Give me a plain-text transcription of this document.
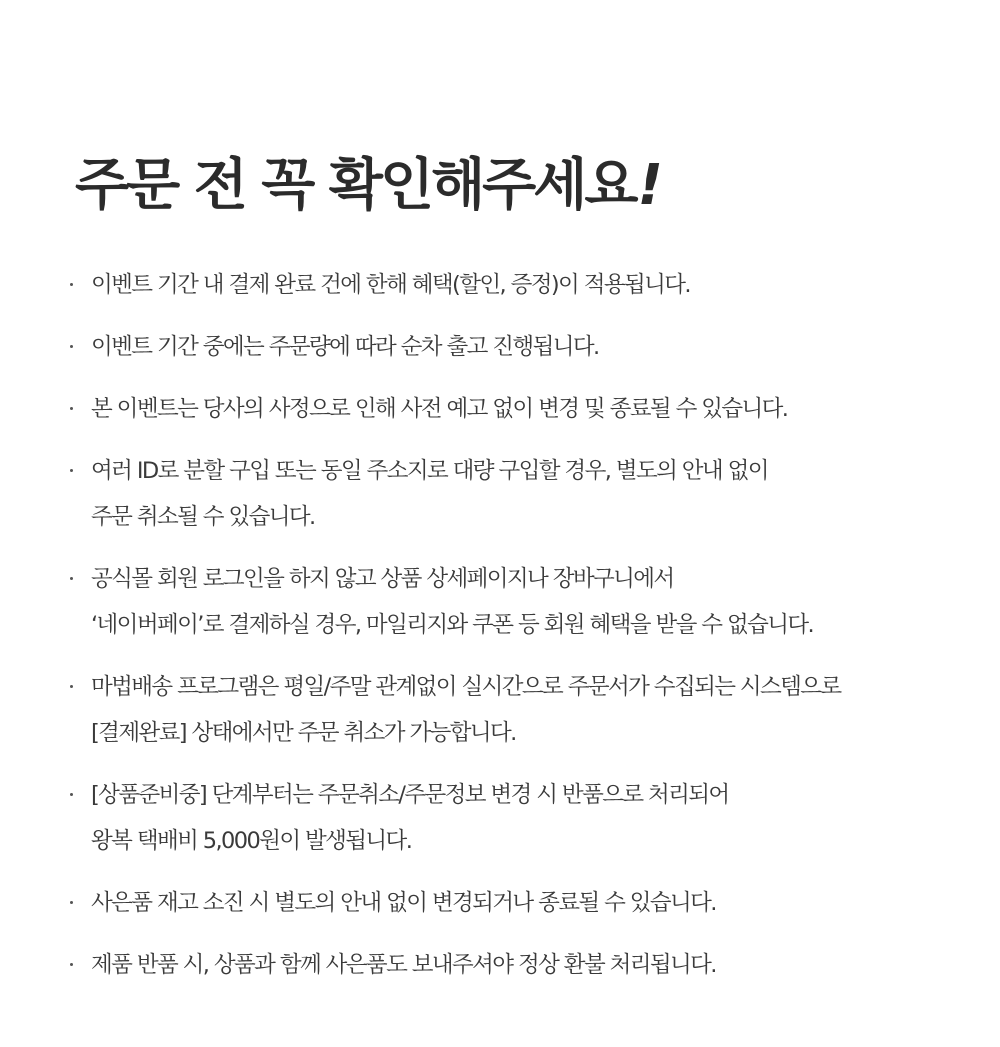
주문 전 꼭 확인해주세요!
이벤트 기간 내 결제 완료 건에 한해 혜택(할인, 증정)이 적용됩니다.
이벤트 기간 중에는 주문량에 따라 순차 출고 진행됩니다.
본 이벤트는 당사의 사정으로 인해 사전 예고 없이 변경 및 종료될 수 있습니다.
여러 ID로 분할 구입 또는 동일 주소지로 대량 구입할 경우, 별도의 안내 없이
주문 취소될 수 있습니다.
공식몰 회원 로그인을 하지 않고 상품 상세페이지나 장바구니에서
‘네이버페이’로 결제하실 경우, 마일리지와 쿠폰 등 회원 혜택을 받을 수 없습니다.
마법배송 프로그램은 평일/주말 관계없이 실시간으로 주문서가 수집되는 시스템으로
[결제완료] 상태에서만 주문 취소가 가능합니다.
[상품준비중] 단계부터는 주문취소/주문정보 변경 시 반품으로 처리되어
왕복 택배비 5,000원이 발생됩니다.
사은품 재고 소진 시 별도의 안내 없이 변경되거나 종료될 수 있습니다.
제품 반품 시, 상품과 함께 사은품도 보내주셔야 정상 환불 처리됩니다.
